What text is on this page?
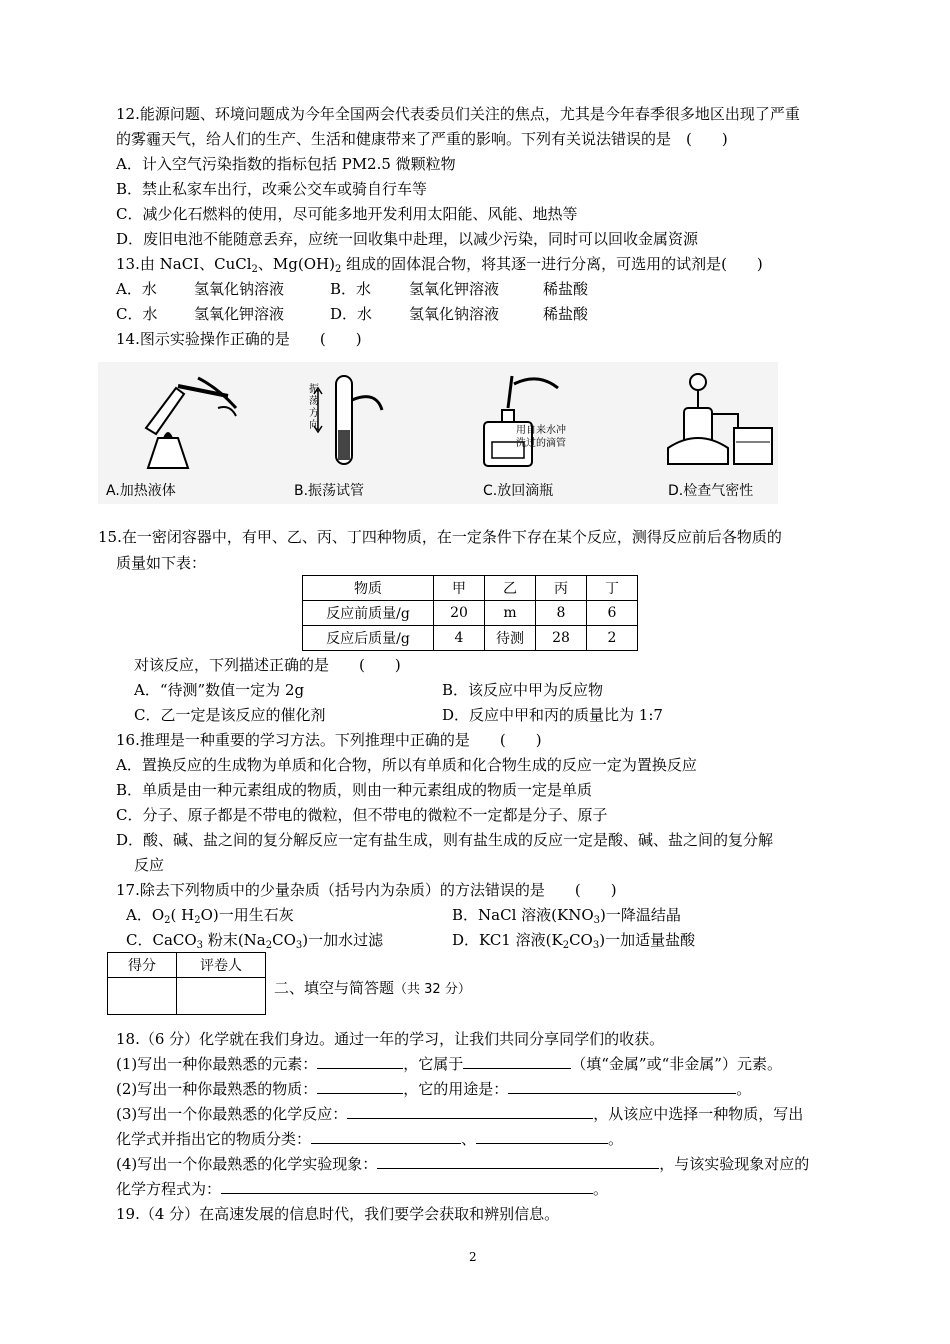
12.能源问题、环境问题成为今年全国两会代表委员们关注的焦点，尤其是今年春季很多地区出现了严重
的雾霾天气，给人们的生产、生活和健康带来了严重的影响。下列有关说法错误的是　(　　)
A．计入空气污染指数的指标包括 PM2.5 微颗粒物
B．禁止私家车出行，改乘公交车或骑自行车等
C．减少化石燃料的使用，尽可能多地开发利用太阳能、风能、地热等
D．废旧电池不能随意丢弃，应统一回收集中赴理，以减少污染，同时可以回收金属资源
13.由 NaCI、CuCl$_2$、$Mg(OH)_2$ 组成的固体混合物，将其逐一进行分离，可选用的试剂是(　　)
A．水 氢氧化钠溶液	B．水	氢氧化钾溶液	稀盐酸
C．水 氢氧化钾溶液	D．水 氢氧化钠溶液	稀盐酸
14.图示实验操作正确的是　　(　　)
A.加热液体
振荡方向
B.振荡试管
用自来水冲
洗过的滴管
C.放回滴瓶	D.检查气密性
15.在一密闭容器中，有甲、乙、丙、丁四种物质，在一定条件下存在某个反应，测得反应前后各物质的
质量如下表：
物质	甲	乙	丙	丁
反应前质量/g	20	m	8	6
反应后质量/g	4	待测	28	2
对该反应，下列描述正确的是　　(　　)
A．“待测”数值一定为 2g	B．该反应中甲为反应物
C．乙一定是该反应的催化剂	D．反应中甲和丙的质量比为 1:7
16.推理是一种重要的学习方法。下列推理中正确的是　　(　　)
A．置换反应的生成物为单质和化合物，所以有单质和化合物生成的反应一定为置换反应
B．单质是由一种元素组成的物质，则由一种元素组成的物质一定是单质
C．分子、原子都是不带电的微粒，但不带电的微粒不一定都是分子、原子
D．酸、碱、盐之间的复分解反应一定有盐生成，则有盐生成的反应一定是酸、碱、盐之间的复分解
反应
17.除去下列物质中的少量杂质（括号内为杂质）的方法错误的是　　(　　)
A．$O_2$( $H_2O$)一用生石灰	B．NaCl 溶液$(KNO_3)$一降温结晶
C．CaCO$_3$ 粉末$(Na_2CO_3)$一加水过滤	D．KC1 溶液$(K_2CO_3)$一加适量盐酸
得分	评卷人

二、填空与简答题（共 32 分）
18.（6 分）化学就在我们身边。通过一年的学习，让我们共同分享同学们的收获。
(1)写出一种你最熟悉的元素：	，它属于	（填“金属”或“非金属”）元素。
(2)写出一种你最熟悉的物质：	，它的用途是：	。
(3)写出一个你最熟悉的化学反应：	，从该应中选择一种物质，写出
化学式并指出它的物质分类：	、	。
(4)写出一个你最熟悉的化学实验现象：	，与该实验现象对应的
化学方程式为：	。
19.（4 分）在高速发展的信息时代，我们要学会获取和辨别信息。
2
